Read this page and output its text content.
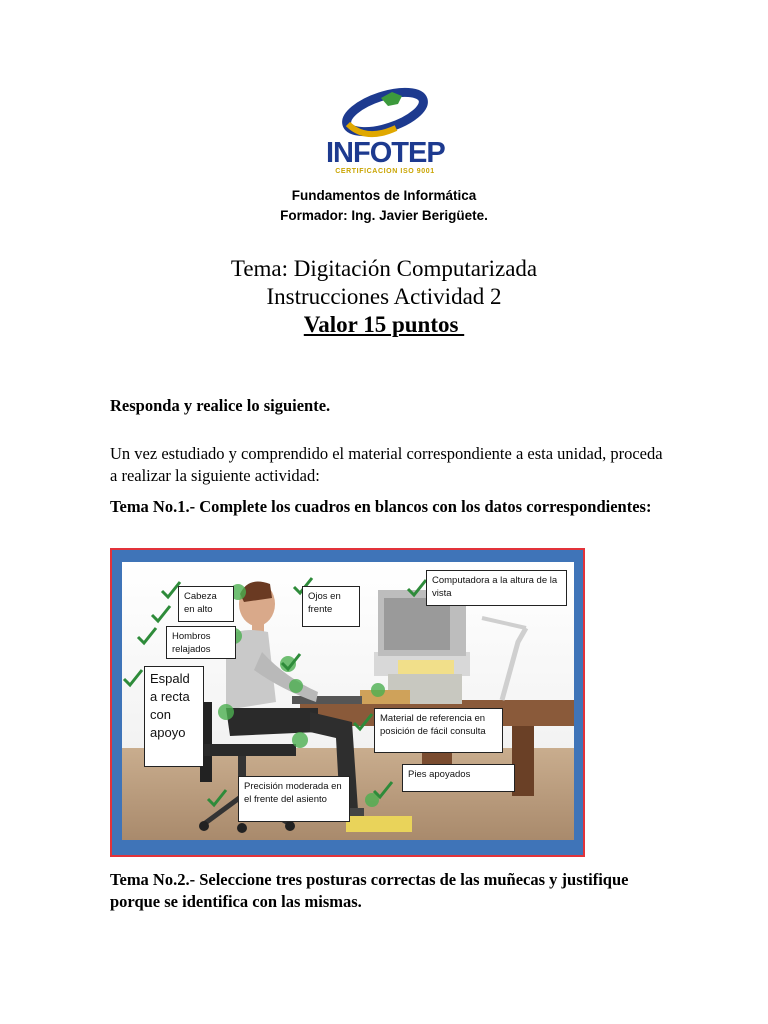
INFOTEP
CERTIFICACION ISO 9001
Fundamentos de Informática
Formador: Ing. Javier Berigüete.
Tema: Digitación Computarizada
Instrucciones Actividad 2
Valor 15 puntos
Responda y realice lo siguiente.
Un vez estudiado y comprendido el material correspondiente a esta unidad, proceda a realizar la siguiente actividad:
Tema No.1.- Complete los cuadros en blancos con los datos correspondientes:
Cabeza en alto
Ojos en frente
Computadora a la altura de la vista
Hombros relajados
Espald a recta con apoyo
Material de referencia en posición de fácil consulta
Pies apoyados
Precisión moderada en el frente del asiento
Tema No.2.- Seleccione tres posturas correctas de las muñecas y justifique porque se identifica con las mismas.
